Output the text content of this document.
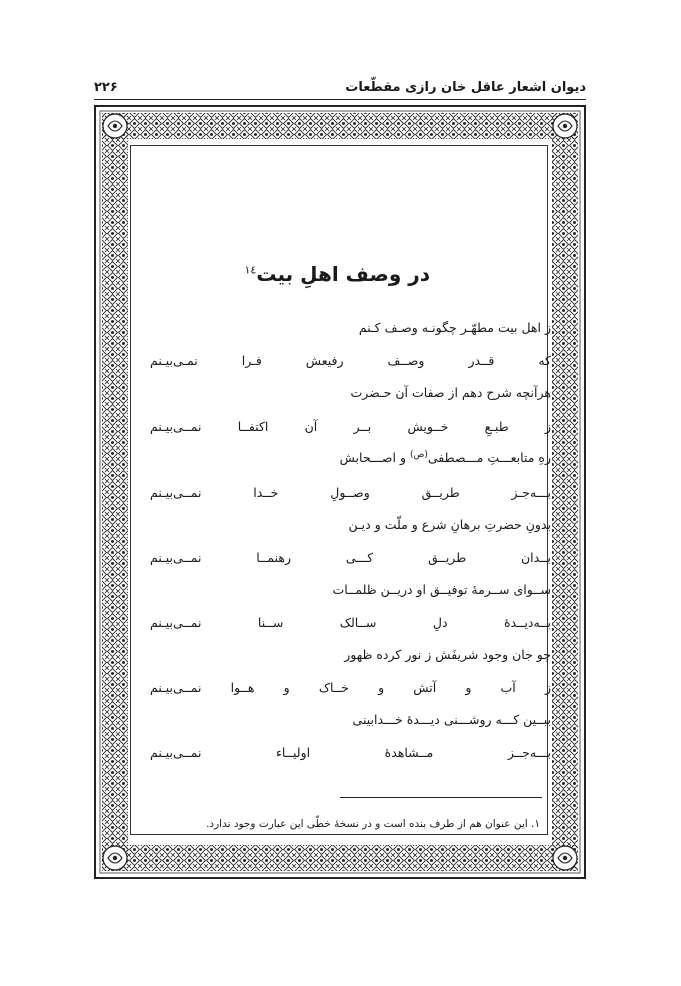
دیوان اشعار عاقل خان رازی مقطّعات
۲۲۶
در وصف اهلِ بیت$^{۱٤}$
ز اهل بیت مطهّـر چگونـه وصـف کـنم
که قــدر وصــف رفیعش فـرا نمـی‌بیـنم
هرآنچه شرح دهم از صفات آن حـضرت
ز طبـعِ خــویش بــر آن اکتفــا نمــی‌بیـنم
رهِ متابعـــتِ مـــصطفی$^{(ص)}$ و اصـــحابش
بـــه‌جـز طریــق وصــولِ خــدا نمــی‌بیـنم
بدونِ حضرتِ برهانِ شرع و ملّت و دیـن
بــدان طریــق کـــی رهنمــا نمــی‌بیـنم
ســوای ســرمهٔ توفیــق او دریــن ظلمــات
بــه‌دیــدهٔ دلِ ســالک ســنا نمــی‌بیـنم
چو جان وجود شریفَش ز نور کرده ظهور
ز آب و آتش و خــاک و هــوا نمــی‌بیـنم
ببــین کـــه روشـــنی دیـــدهٔ خـــدابینی
بـــه‌جــز مــشاهدهٔ اولیــاء نمــی‌بیـنم
۱. این عنوان هم از طرف بنده است و در نسخهٔ خطّی این عبارت وجود ندارد.
